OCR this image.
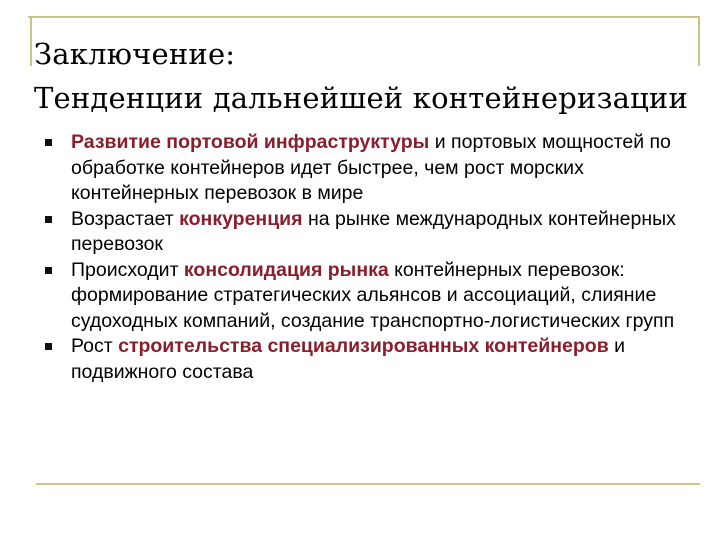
Заключение:
Тенденции дальнейшей контейнеризации
Развитие портовой инфраструктуры и портовых мощностей по обработке контейнеров идет быстрее, чем рост морских контейнерных перевозок в мире
Возрастает конкуренция на рынке международных контейнерных перевозок
Происходит консолидация рынка контейнерных перевозок: формирование стратегических альянсов и ассоциаций, слияние судоходных компаний, создание транспортно-логистических групп
Рост строительства специализированных контейнеров и подвижного состава
